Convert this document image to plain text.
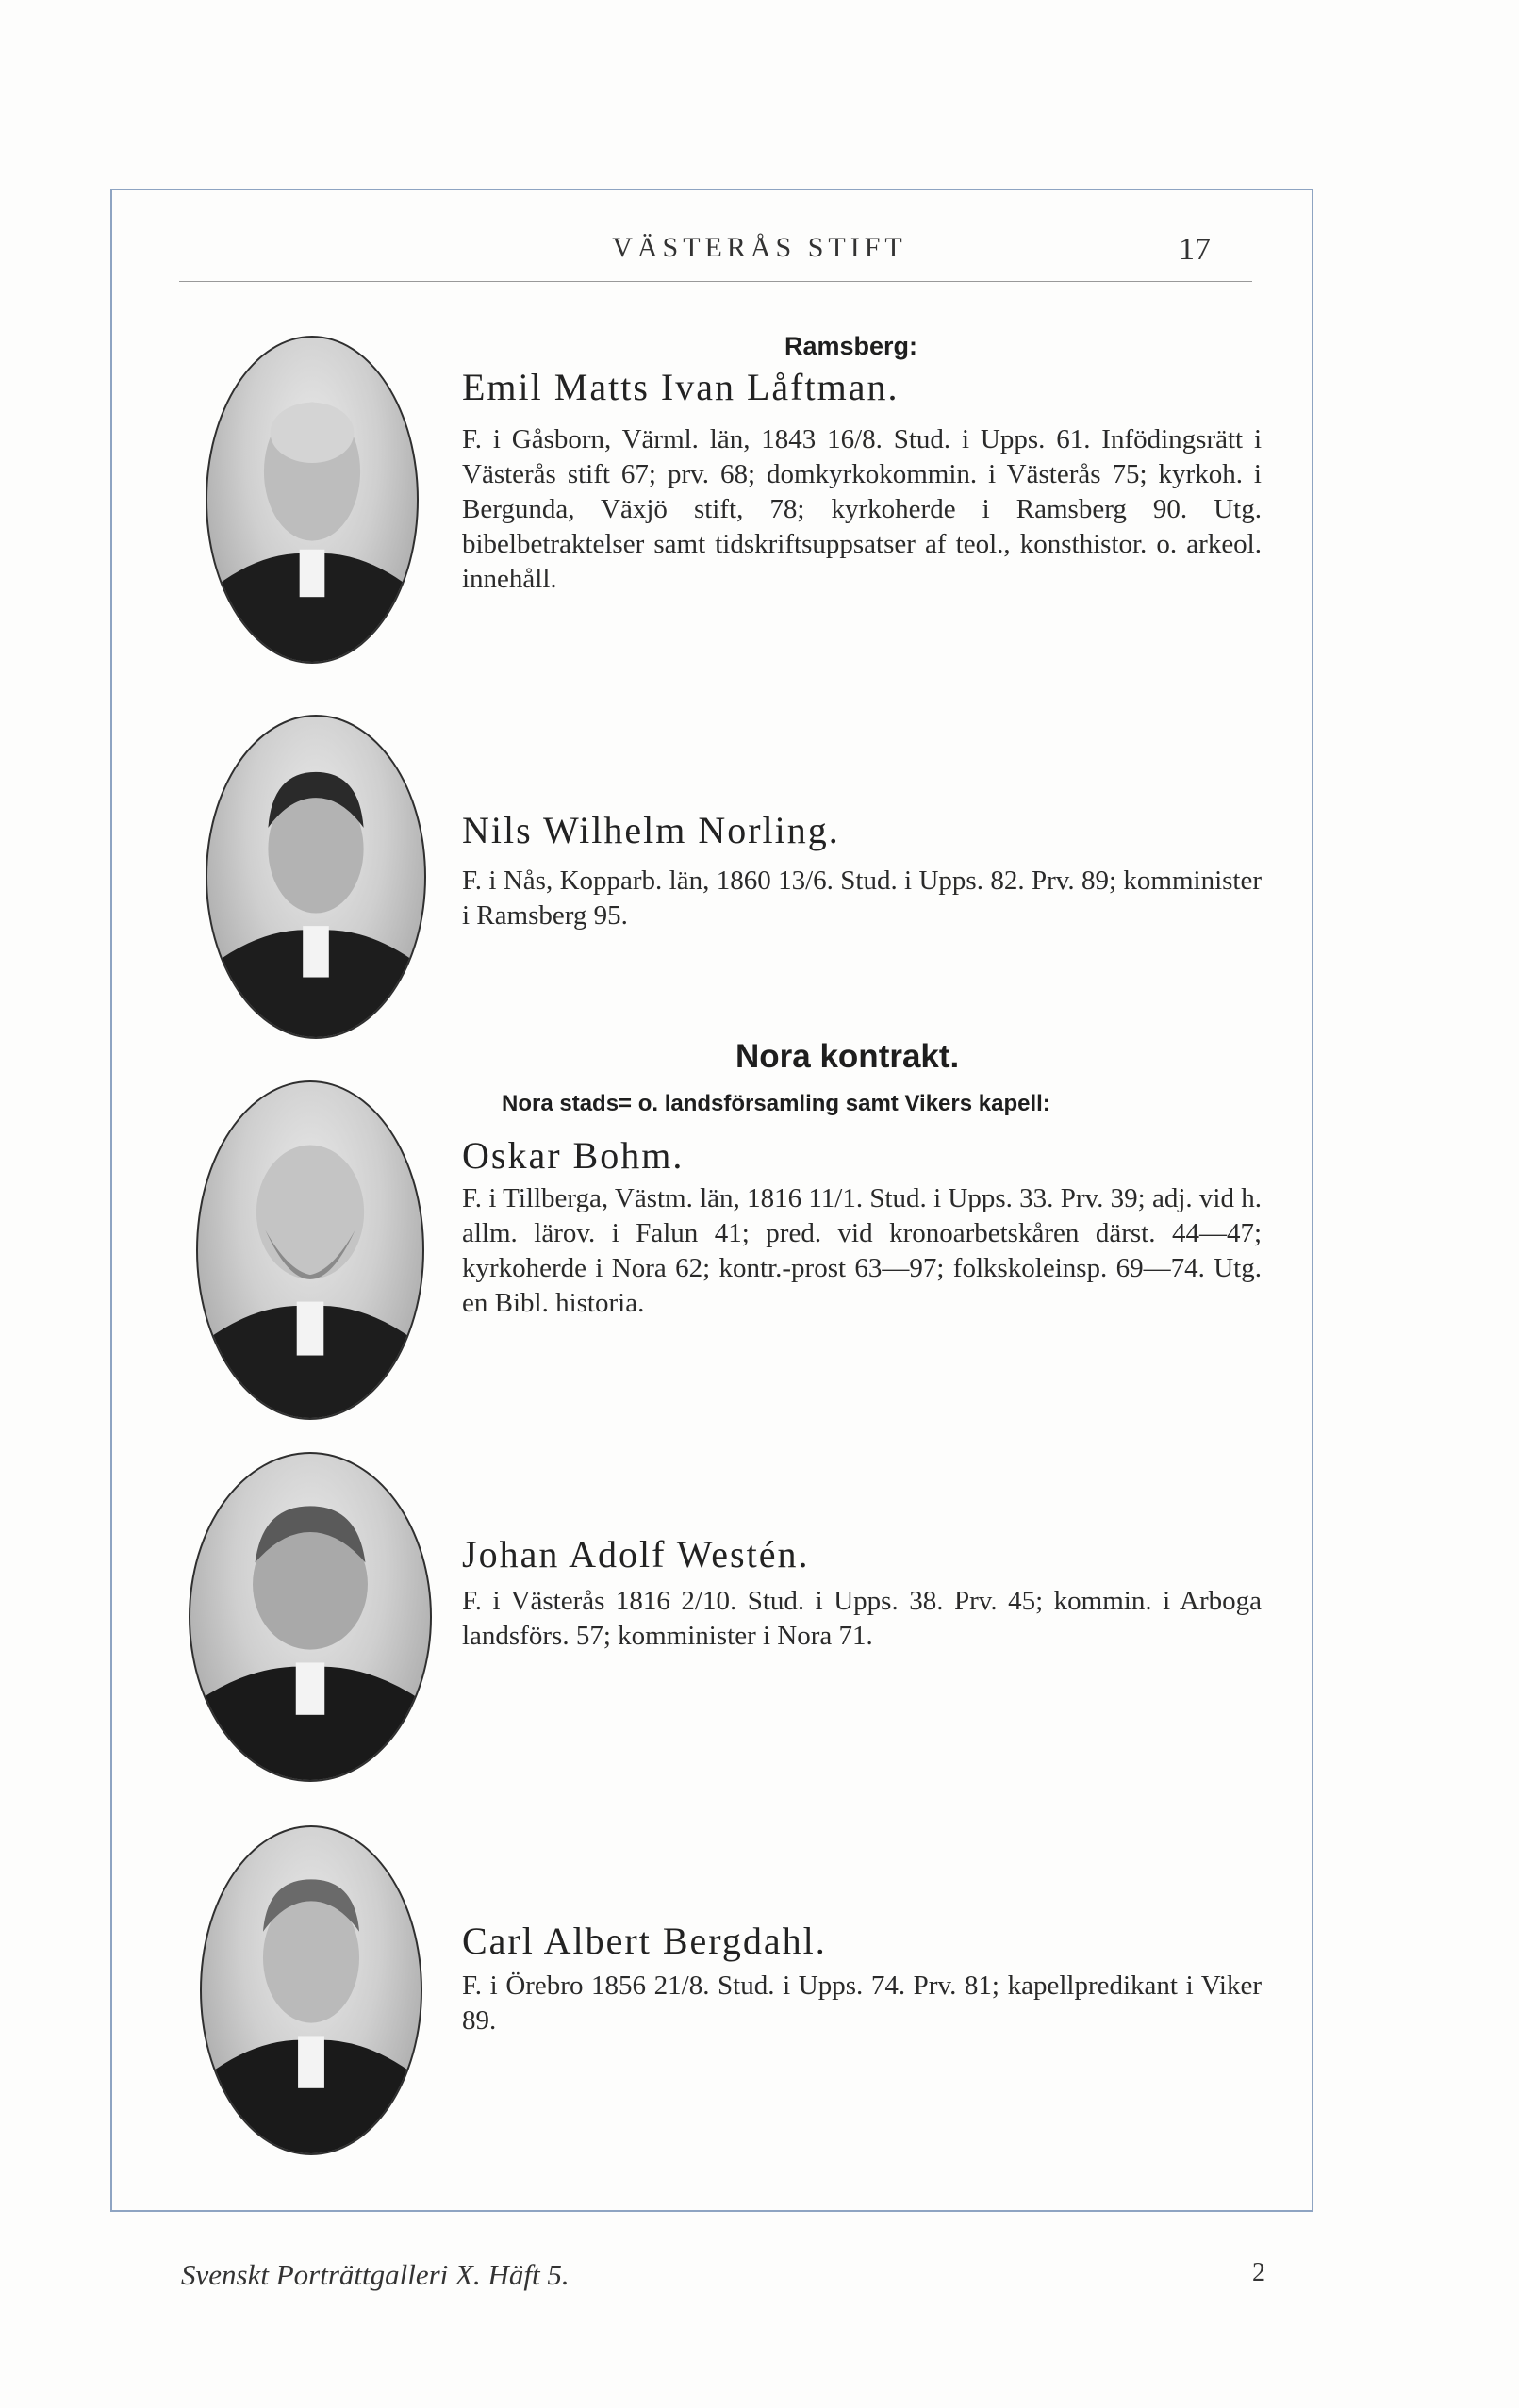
VÄSTERÅS STIFT	17
Ramsberg:
Emil Matts Ivan Låftman.

F. i Gåsborn, Värml. län, 1843 16/8. Stud. i Upps. 61. Infödingsrätt i Västerås stift 67; prv. 68; domkyrkokommin. i Västerås 75; kyrkoh. i Bergunda, Växjö stift, 78; kyrkoherde i Ramsberg 90. Utg. bibelbetraktelser samt tidskriftsuppsatser af teol., konsthistor. o. arkeol. innehåll.

Nils Wilhelm Norling.

F. i Nås, Kopparb. län, 1860 13/6. Stud. i Upps. 82. Prv. 89; komminister i Ramsberg 95.

Nora kontrakt.
Nora stads= o. landsförsamling samt Vikers kapell:
Oskar Bohm.

F. i Tillberga, Västm. län, 1816 11/1. Stud. i Upps. 33. Prv. 39; adj. vid h. allm. lärov. i Falun 41; pred. vid kronoarbetskåren därst. 44—47; kyrkoherde i Nora 62; kontr.-prost 63—97; folkskoleinsp. 69—74. Utg. en Bibl. historia.

Johan Adolf Westén.

F. i Västerås 1816 2/10. Stud. i Upps. 38. Prv. 45; kommin. i Arboga landsförs. 57; komminister i Nora 71.

Carl Albert Bergdahl.

F. i Örebro 1856 21/8. Stud. i Upps. 74. Prv. 81; kapellpredikant i Viker 89.

Svenskt Porträttgalleri X. Häft 5.	2
